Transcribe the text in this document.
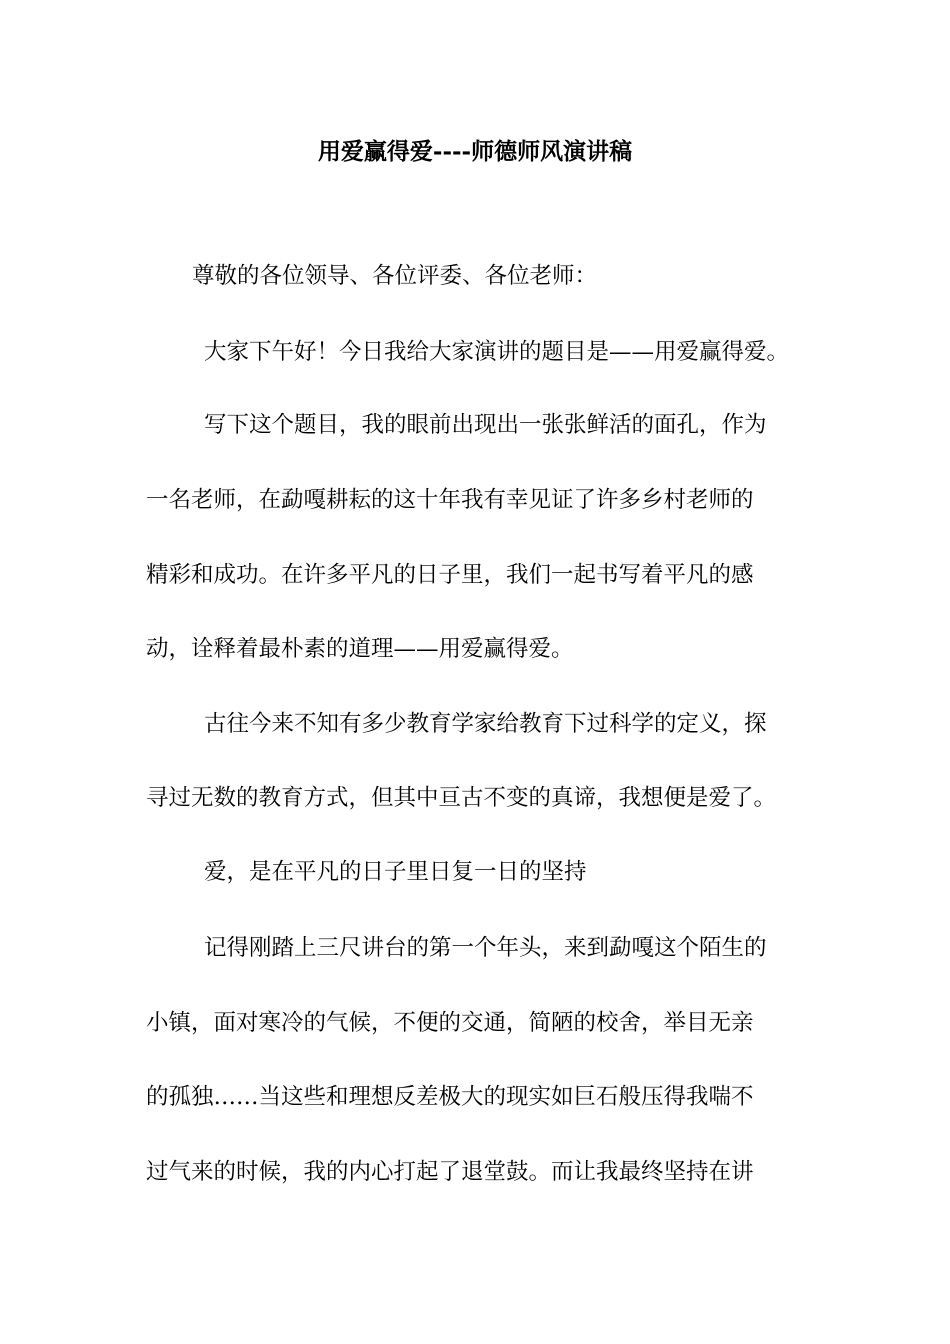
用爱赢得爱----师德师风演讲稿
尊敬的各位领导、各位评委、各位老师：
大家下午好！今日我给大家演讲的题目是——用爱赢得爱。
写下这个题目，我的眼前出现出一张张鲜活的面孔，作为
一名老师，在勐嘎耕耘的这十年我有幸见证了许多乡村老师的
精彩和成功。在许多平凡的日子里，我们一起书写着平凡的感
动，诠释着最朴素的道理——用爱赢得爱。
古往今来不知有多少教育学家给教育下过科学的定义，探
寻过无数的教育方式，但其中亘古不变的真谛，我想便是爱了。
爱，是在平凡的日子里日复一日的坚持
记得刚踏上三尺讲台的第一个年头，来到勐嘎这个陌生的
小镇，面对寒冷的气候，不便的交通，简陋的校舍，举目无亲
的孤独……当这些和理想反差极大的现实如巨石般压得我喘不
过气来的时候，我的内心打起了退堂鼓。而让我最终坚持在讲
